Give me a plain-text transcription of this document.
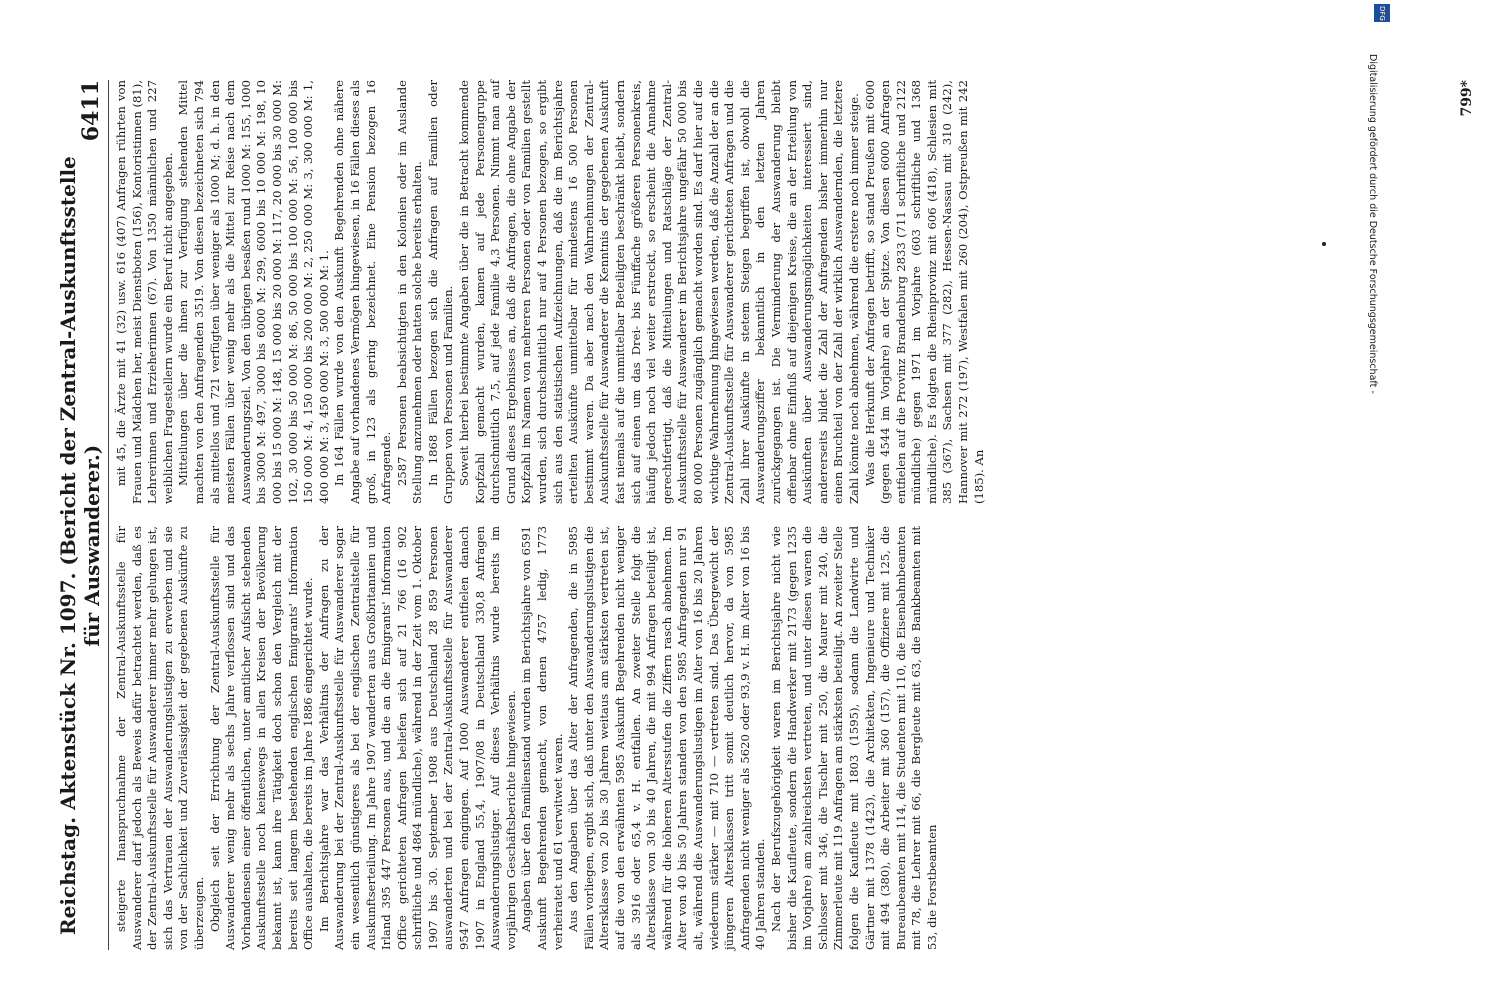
Reichstag. Aktenstück Nr. 1097. (Bericht der Zentral-Auskunftsstelle für Auswanderer.)
6411

steigerte Inanspruchnahme der Zentral-Auskunftsstelle für Auswanderer darf jedoch als Beweis dafür betrachtet werden, daß es der Zentral-Auskunftsstelle für Auswanderer immer mehr gelungen ist, sich das Vertrauen der Auswanderungslustigen zu erwerben und sie von der Sachlichkeit und Zuverlässigkeit der gegebenen Auskünfte zu überzeugen. Obgleich seit der Errichtung der Zentral-Auskunftsstelle für Auswanderer wenig mehr als sechs Jahre verflossen sind und das Vorhandensein einer öffentlichen, unter amtlicher Aufsicht stehenden Auskunftsstelle noch keineswegs in allen Kreisen der Bevölkerung bekannt ist, kann ihre Tätigkeit doch schon den Vergleich mit der bereits seit langem bestehenden englischen Emigrants' Information Office aushalten, die bereits im Jahre 1886 eingerichtet wurde. Im Berichtsjahre war das Verhältnis der Anfragen zu der Auswanderung bei der Zentral-Auskunftsstelle für Auswanderer sogar ein wesentlich günstigeres als bei der englischen Zentralstelle für Auskunftserteilung. Im Jahre 1907 wanderten aus Großbritannien und Irland 395 447 Personen aus, und die an die Emigrants' Information Office gerichteten Anfragen beliefen sich auf 21 766 (16 902 schriftliche und 4864 mündliche), während in der Zeit vom 1. Oktober 1907 bis 30. September 1908 aus Deutschland 28 859 Personen auswanderten und bei der Zentral-Auskunftsstelle für Auswanderer 9547 Anfragen eingingen. Auf 1000 Auswanderer entfielen danach 1907 in England 55,4, 1907/08 in Deutschland 330,8 Anfragen Auswanderungslustiger. Auf dieses Verhältnis wurde bereits im vorjährigen Geschäftsberichte hingewiesen. Angaben über den Familienstand wurden im Berichtsjahre von 6591 Auskunft Begehrenden gemacht, von denen 4757 ledig, 1773 verheiratet und 61 verwitwet waren. Aus den Angaben über das Alter der Anfragenden, die in 5985 Fällen vorliegen, ergibt sich, daß unter den Auswanderungslustigen die Altersklasse von 20 bis 30 Jahren weitaus am stärksten vertreten ist, auf die von den erwähnten 5985 Auskunft Begehrenden nicht weniger als 3916 oder 65,4 v. H. entfallen. An zweiter Stelle folgt die Altersklasse von 30 bis 40 Jahren, die mit 994 Anfragen beteiligt ist, während für die höheren Altersstufen die Ziffern rasch abnehmen. Im Alter von 40 bis 50 Jahren standen von den 5985 Anfragenden nur 91 alt, während die Auswanderungslustigen im Alter von 16 bis 20 Jahren wiederum stärker — mit 710 — vertreten sind. Das Übergewicht der jüngeren Altersklassen tritt somit deutlich hervor, da von 5985 Anfragenden nicht weniger als 5620 oder 93,9 v. H. im Alter von 16 bis 40 Jahren standen. Nach der Berufszugehörigkeit waren im Berichtsjahre nicht wie bisher die Kaufleute, sondern die Handwerker mit 2173 (gegen 1235 im Vorjahre) am zahlreichsten vertreten, und unter diesen waren die Schlosser mit 346, die Tischler mit 250, die Maurer mit 240, die Zimmerleute mit 119 Anfragen am stärksten beteiligt. An zweiter Stelle folgen die Kaufleute mit 1803 (1595), sodann die Landwirte und Gärtner mit 1378 (1423), die Architekten, Ingenieure und Techniker mit 494 (380), die Arbeiter mit 360 (157), die Offiziere mit 125, die Bureaubeamten mit 114, die Studenten mit 110, die Eisenbahnbeamten mit 78, die Lehrer mit 66, die Bergleute mit 63, die Bankbeamten mit 53, die Forstbeamten

mit 45, die Ärzte mit 41 (32) usw. 616 (407) Anfragen rührten von Frauen und Mädchen her, meist Dienstboten (156), Kontoristinnen (81), Lehrerinnen und Erzieherinnen (67). Von 1350 männlichen und 227 weiblichen Fragestellern wurde ein Beruf nicht angegeben. Mitteilungen über die ihnen zur Verfügung stehenden Mittel machten von den Anfragenden 3519. Von diesen bezeichneten sich 794 als mittellos und 721 verfügten über weniger als 1000 M; d. h. in den meisten Fällen über wenig mehr als die Mittel zur Reise nach dem Auswanderungsziel. Von den übrigen besaßen rund 1000 M: 155, 1000 bis 3000 M: 497, 3000 bis 6000 M: 299, 6000 bis 10 000 M: 198, 10 000 bis 15 000 M: 148, 15 000 bis 20 000 M: 117, 20 000 bis 30 000 M: 102, 30 000 bis 50 000 M: 86, 50 000 bis 100 000 M: 56, 100 000 bis 150 000 M: 4, 150 000 bis 200 000 M: 2, 250 000 M: 3, 300 000 M: 1, 400 000 M: 3, 450 000 M: 3, 500 000 M: 1. In 164 Fällen wurde von den Auskunft Begehrenden ohne nähere Angabe auf vorhandenes Vermögen hingewiesen, in 16 Fällen dieses als groß, in 123 als gering bezeichnet. Eine Pension bezogen 16 Anfragende. 2587 Personen beabsichtigten in den Kolonien oder im Auslande Stellung anzunehmen oder hatten solche bereits erhalten. In 1868 Fällen bezogen sich die Anfragen auf Familien oder Gruppen von Personen und Familien. Soweit hierbei bestimmte Angaben über die in Betracht kommende Kopfzahl gemacht wurden, kamen auf jede Personengruppe durchschnittlich 7,5, auf jede Familie 4,3 Personen. Nimmt man auf Grund dieses Ergebnisses an, daß die Anfragen, die ohne Angabe der Kopfzahl im Namen von mehreren Personen oder von Familien gestellt wurden, sich durchschnittlich nur auf 4 Personen bezogen, so ergibt sich aus den statistischen Aufzeichnungen, daß die im Berichtsjahre erteilten Auskünfte unmittelbar für mindestens 16 500 Personen bestimmt waren. Da aber nach den Wahrnehmungen der Zentral-Auskunftsstelle für Auswanderer die Kenntnis der gegebenen Auskunft fast niemals auf die unmittelbar Beteiligten beschränkt bleibt, sondern sich auf einen um das Drei- bis Fünffache größeren Personenkreis, häufig jedoch noch viel weiter erstreckt, so erscheint die Annahme gerechtfertigt, daß die Mitteilungen und Ratschläge der Zentral-Auskunftsstelle für Auswanderer im Berichtsjahre ungefähr 50 000 bis 80 000 Personen zugänglich gemacht worden sind. Es darf hier auf die wichtige Wahrnehmung hingewiesen werden, daß die Anzahl der an die Zentral-Auskunftsstelle für Auswanderer gerichteten Anfragen und die Zahl ihrer Auskünfte in stetem Steigen begriffen ist, obwohl die Auswanderungsziffer bekanntlich in den letzten Jahren zurückgegangen ist. Die Verminderung der Auswanderung bleibt offenbar ohne Einfluß auf diejenigen Kreise, die an der Erteilung von Auskünften über Auswanderungsmöglichkeiten interessiert sind, andererseits bildet die Zahl der Anfragenden bisher immerhin nur einen Bruchteil von der Zahl der wirklich Auswandernden, die letztere Zahl könnte noch abnehmen, während die erstere noch immer steige. Was die Herkunft der Anfragen betrifft, so stand Preußen mit 6000 (gegen 4544 im Vorjahre) an der Spitze. Von diesen 6000 Anfragen entfielen auf die Provinz Brandenburg 2833 (711 schriftliche und 2122 mündliche) gegen 1971 im Vorjahre (603 schriftliche und 1368 mündliche). Es folgten die Rheinprovinz mit 606 (418), Schlesien mit 385 (367), Sachsen mit 377 (282), Hessen-Nassau mit 310 (242), Hannover mit 272 (197), Westfalen mit 260 (204), Ostpreußen mit 242 (185). An

799*
DFG
Digitalisierung gefördert durch die Deutsche Forschungsgemeinschaft -
